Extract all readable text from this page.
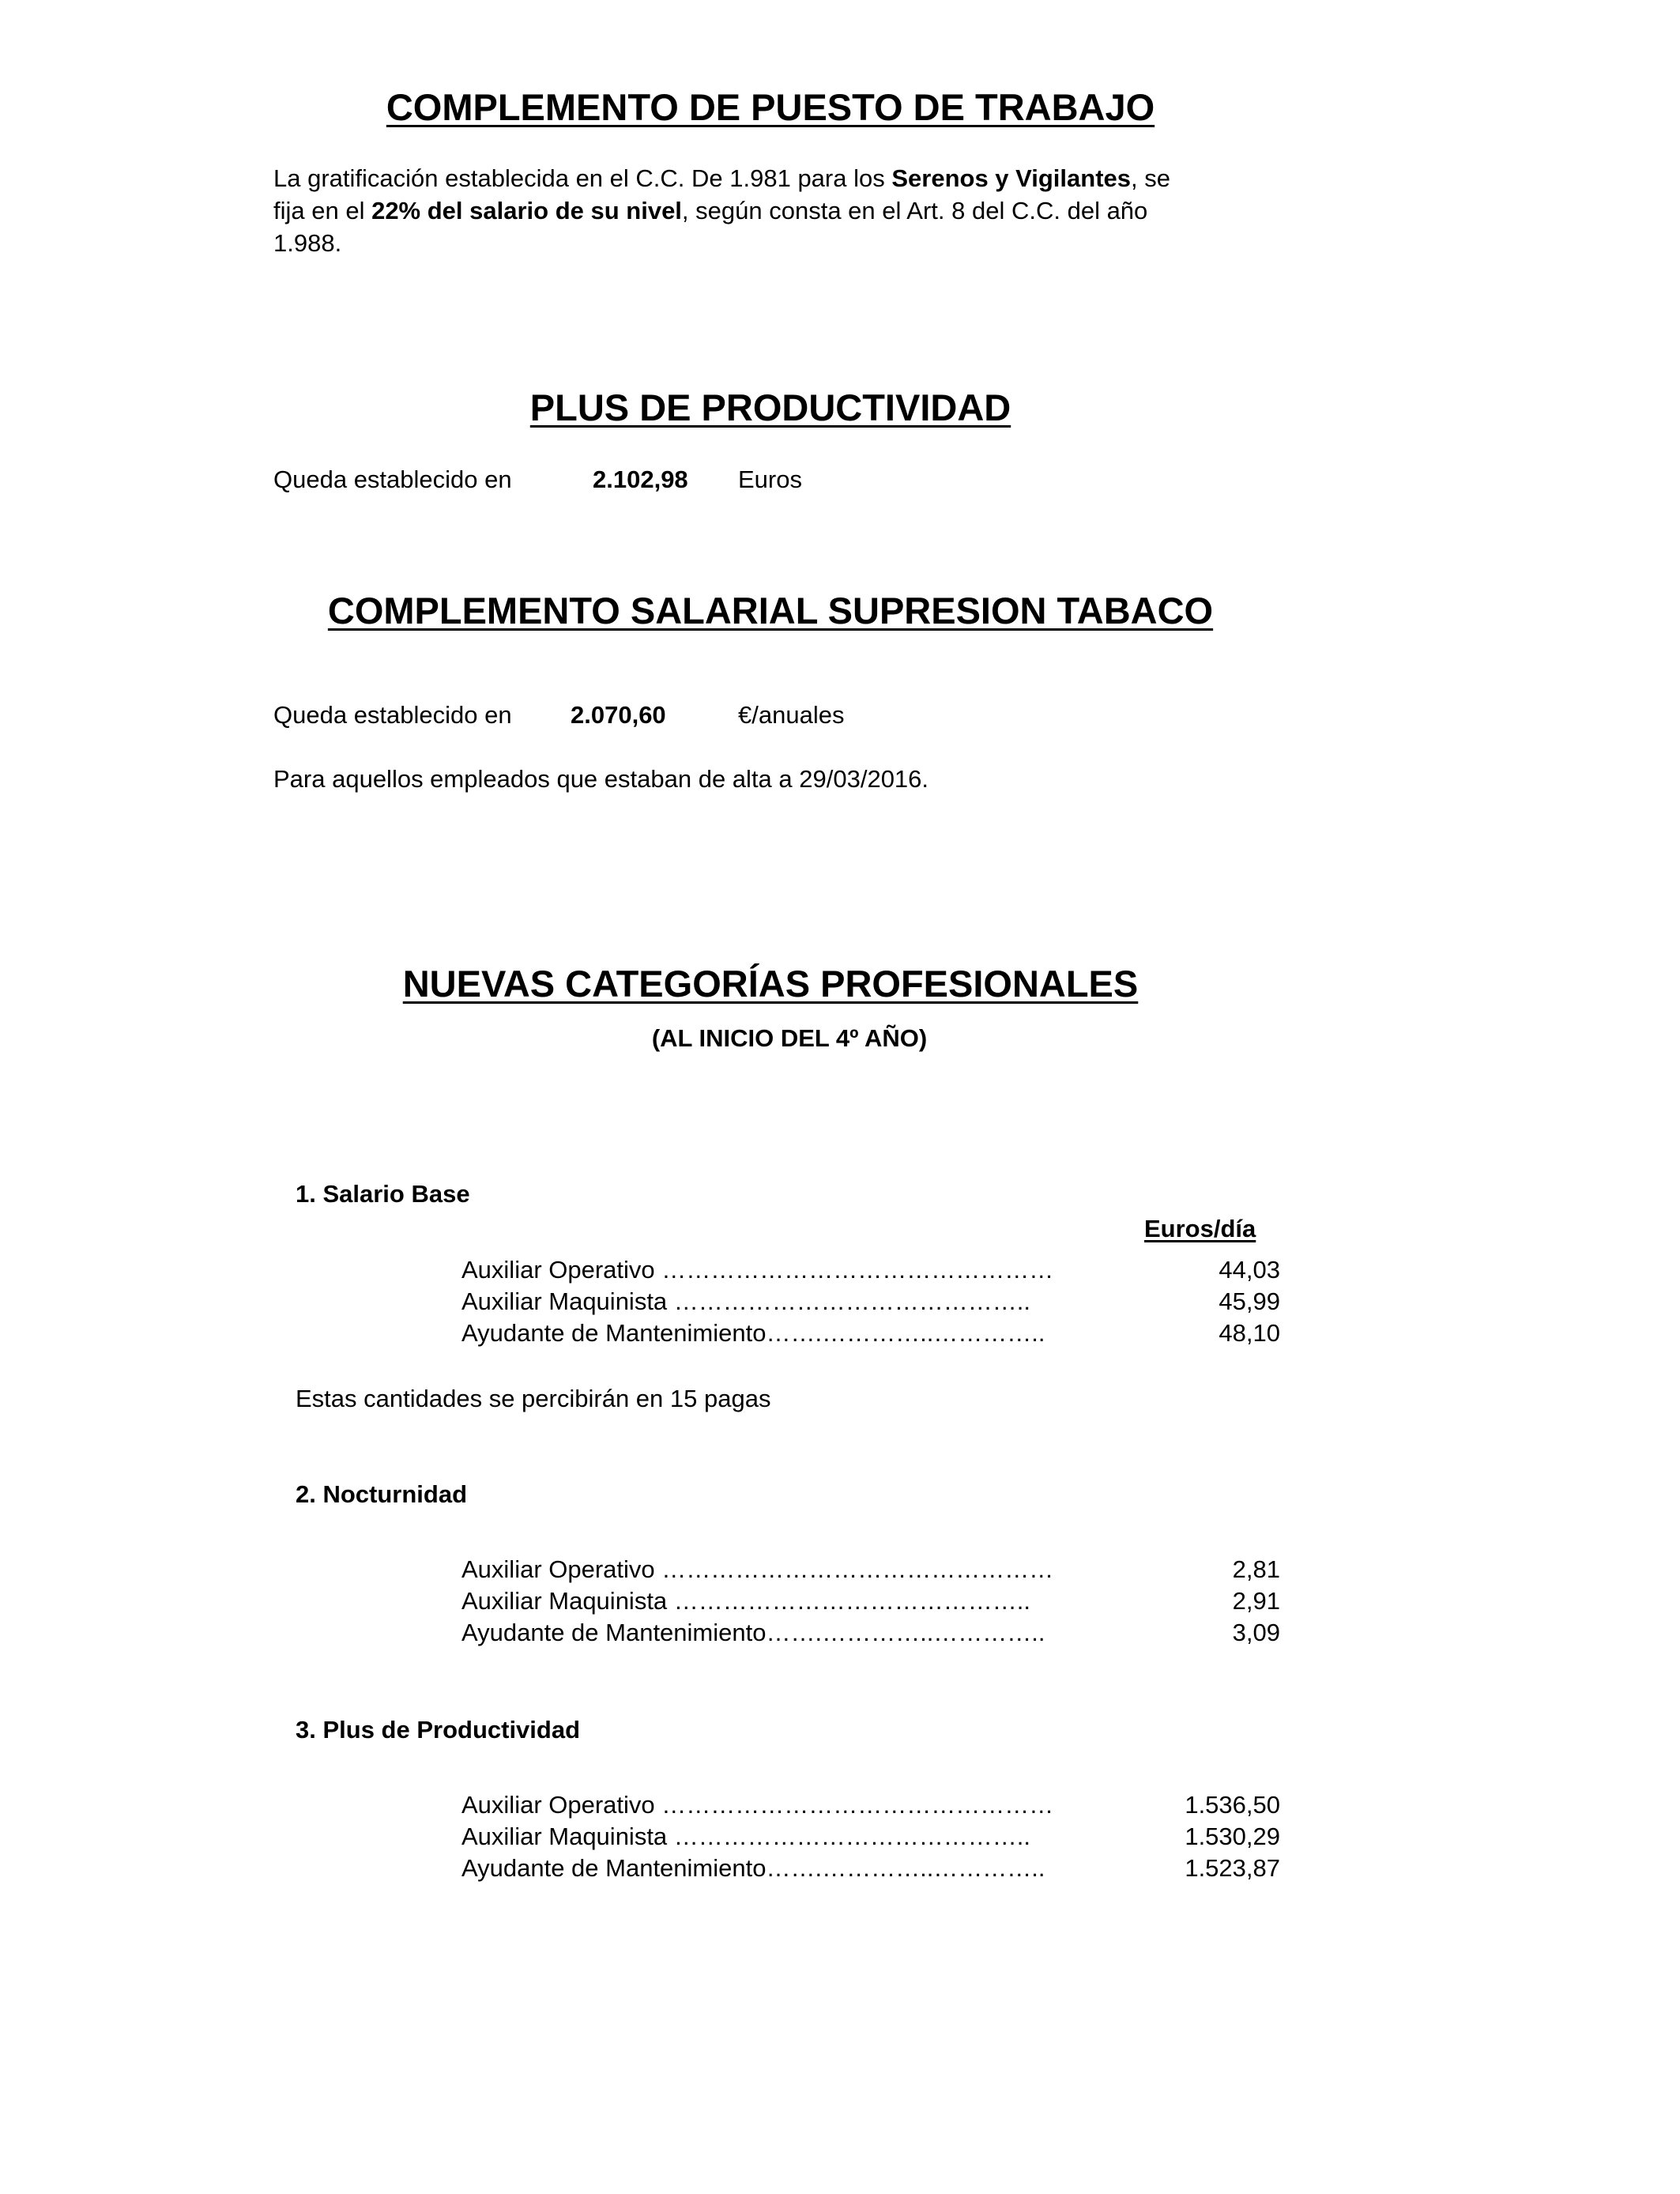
COMPLEMENTO DE PUESTO DE TRABAJO
La gratificación establecida en el C.C. De 1.981 para los Serenos y Vigilantes, se fija en el 22% del salario de su nivel, según consta en el Art. 8 del C.C. del año 1.988.
PLUS DE PRODUCTIVIDAD
Queda establecido en	2.102,98 Euros
COMPLEMENTO SALARIAL SUPRESION TABACO
Queda establecido en 2.070,60	€/anuales
Para aquellos empleados que estaban de alta a 29/03/2016.
NUEVAS CATEGORÍAS PROFESIONALES
(AL INICIO DEL 4º AÑO)
1. Salario Base
Euros/día
Auxiliar Operativo …………………………………………	44,03
Auxiliar Maquinista ……………………………………..	45,99
Ayudante de Mantenimiento…….…………..…………..	48,10
Estas cantidades se percibirán en 15 pagas
2. Nocturnidad
Auxiliar Operativo …………………………………………	2,81
Auxiliar Maquinista ……………………………………..	2,91
Ayudante de Mantenimiento…….…………..…………..	3,09
3. Plus de Productividad
Auxiliar Operativo …………………………………………	1.536,50
Auxiliar Maquinista ……………………………………..	1.530,29
Ayudante de Mantenimiento…….…………..…………..	1.523,87
